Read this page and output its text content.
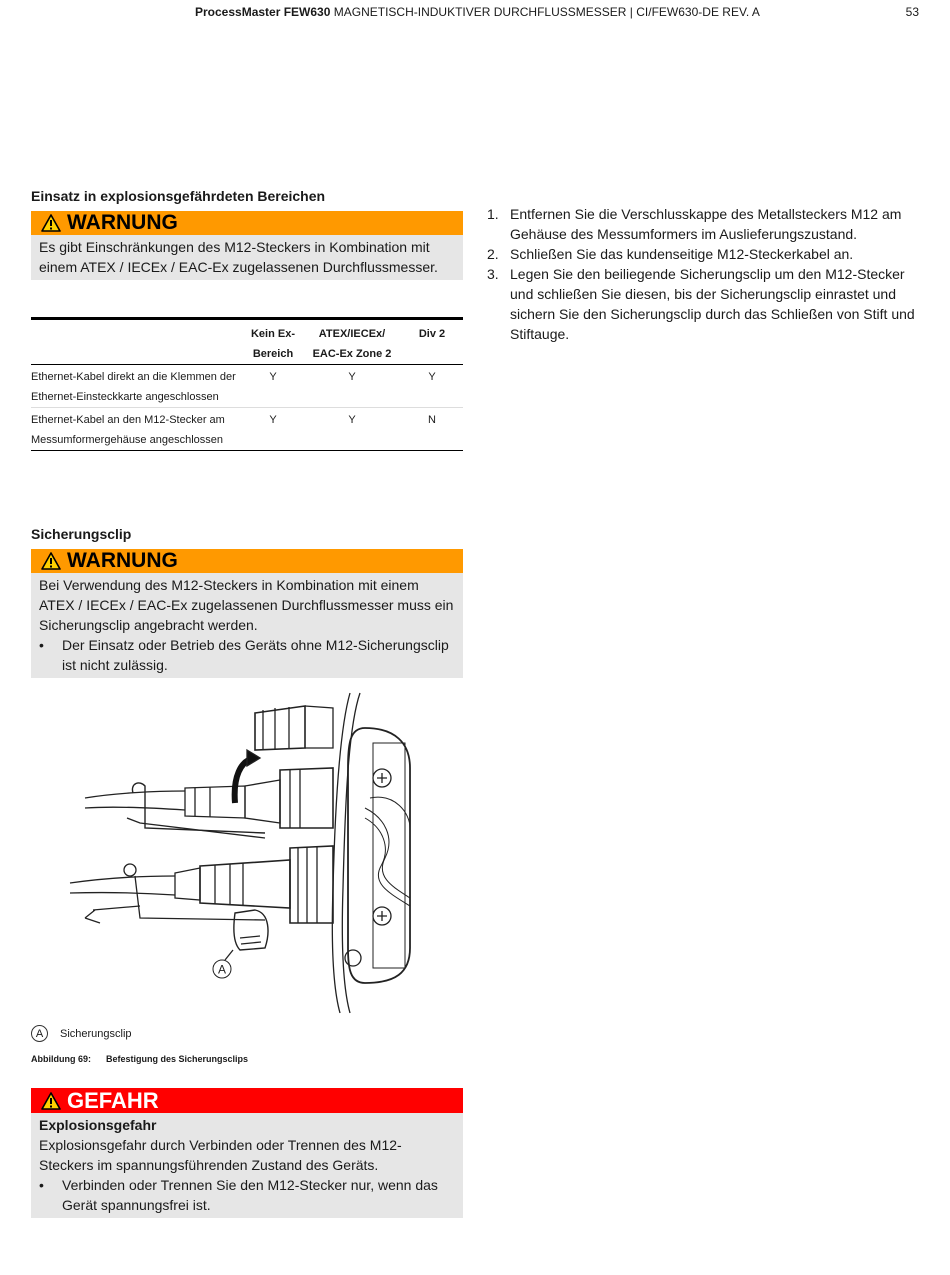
ProcessMaster FEW630 MAGNETISCH-INDUKTIVER DURCHFLUSSMESSER | CI/FEW630-DE REV. A	53
Einsatz in explosionsgefährdeten Bereichen
WARNUNG
Es gibt Einschränkungen des M12-Steckers in Kombination mit einem ATEX / IECEx / EAC-Ex zugelassenen Durchflussmesser.
	Kein Ex-Bereich	ATEX/IECEx/ EAC-Ex Zone 2	Div 2
Ethernet-Kabel direkt an die Klemmen der Ethernet-Einsteckkarte angeschlossen	Y	Y	Y
Ethernet-Kabel an den M12-Stecker am Messumformergehäuse angeschlossen	Y	Y	N
Sicherungsclip
WARNUNG
Bei Verwendung des M12-Steckers in Kombination mit einem ATEX / IECEx / EAC-Ex zugelassenen Durchflussmesser muss ein Sicherungsclip angebracht werden.
•	Der Einsatz oder Betrieb des Geräts ohne M12-Sicherungsclip ist nicht zulässig.
A
A	Sicherungsclip
Abbildung 69: Befestigung des Sicherungsclips
GEFAHR
Explosionsgefahr
Explosionsgefahr durch Verbinden oder Trennen des M12-Steckers im spannungsführenden Zustand des Geräts.
•	Verbinden oder Trennen Sie den M12-Stecker nur, wenn das Gerät spannungsfrei ist.
1. Entfernen Sie die Verschlusskappe des Metallsteckers M12 am Gehäuse des Messumformers im Auslieferungszustand.
2. Schließen Sie das kundenseitige M12-Steckerkabel an.
3. Legen Sie den beiliegende Sicherungsclip um den M12-Stecker und schließen Sie diesen, bis der Sicherungsclip einrastet und sichern Sie den Sicherungsclip durch das Schließen von Stift und Stiftauge.
